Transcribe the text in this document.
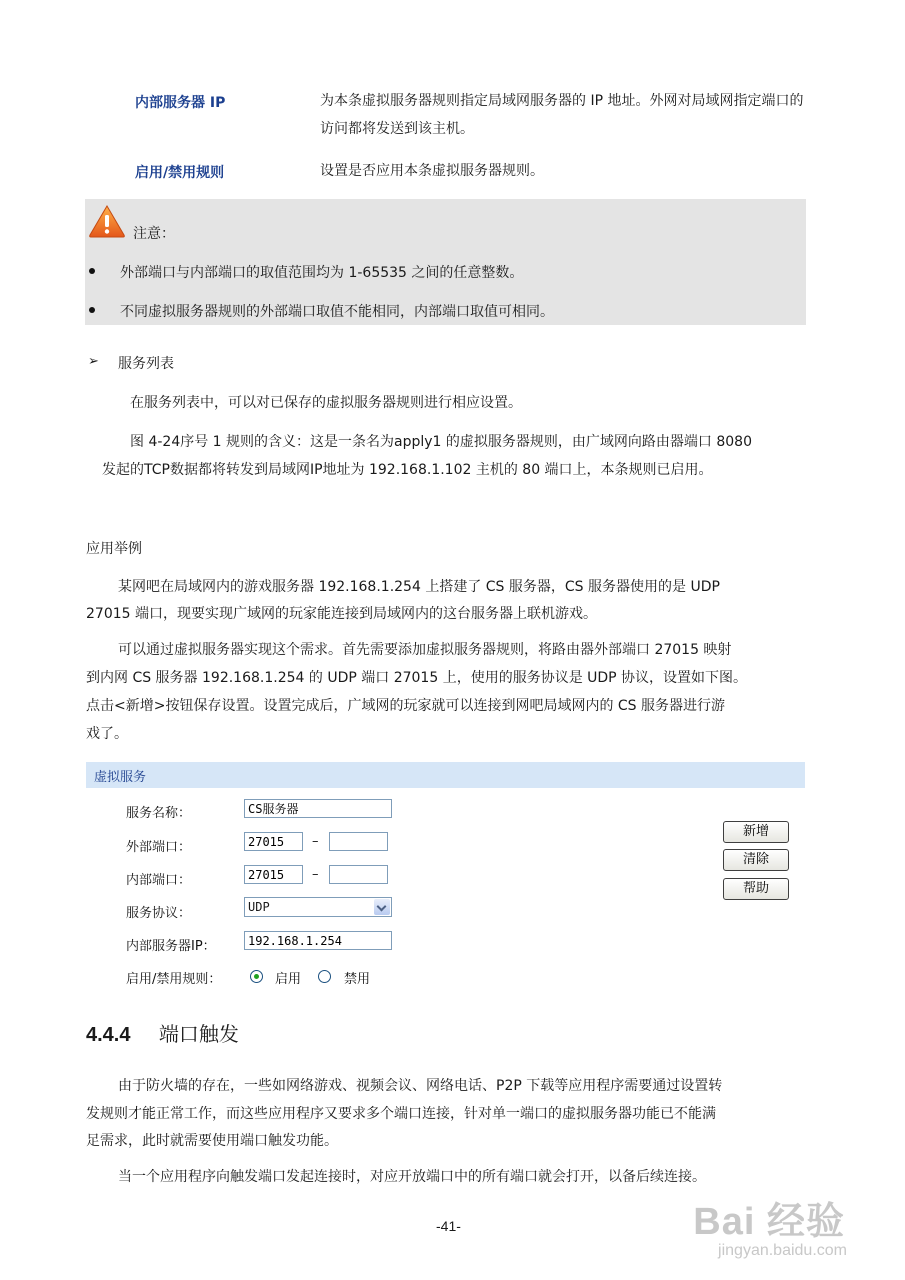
内部服务器 IP	为本条虚拟服务器规则指定局域网服务器的 IP 地址。外网对局域网指定端口的访问都将发送到该主机。
启用/禁用规则	设置是否应用本条虚拟服务器规则。
注意：
外部端口与内部端口的取值范围均为 1-65535 之间的任意整数。
不同虚拟服务器规则的外部端口取值不能相同，内部端口取值可相同。
➢ 服务列表
在服务列表中，可以对已保存的虚拟服务器规则进行相应设置。
图 4-24序号 1 规则的含义：这是一条名为apply1 的虚拟服务器规则，由广域网向路由器端口 8080
发起的TCP数据都将转发到局域网IP地址为 192.168.1.102 主机的 80 端口上，本条规则已启用。
应用举例
某网吧在局域网内的游戏服务器 192.168.1.254 上搭建了 CS 服务器，CS 服务器使用的是 UDP
27015 端口，现要实现广域网的玩家能连接到局域网内的这台服务器上联机游戏。
可以通过虚拟服务器实现这个需求。首先需要添加虚拟服务器规则，将路由器外部端口 27015 映射
到内网 CS 服务器 192.168.1.254 的 UDP 端口 27015 上，使用的服务协议是 UDP 协议，设置如下图。
点击<新增>按钮保存设置。设置完成后，广域网的玩家就可以连接到网吧局域网内的 CS 服务器进行游
戏了。
虚拟服务
服务名称：	CS服务器
外部端口：	27015	–
内部端口：	27015	–
服务协议：	UDP
内部服务器IP：	192.168.1.254
启用/禁用规则：	启用	禁用
新增
清除
帮助
4.4.4 端口触发
由于防火墙的存在，一些如网络游戏、视频会议、网络电话、P2P 下载等应用程序需要通过设置转
发规则才能正常工作，而这些应用程序又要求多个端口连接，针对单一端口的虚拟服务器功能已不能满
足需求，此时就需要使用端口触发功能。
当一个应用程序向触发端口发起连接时，对应开放端口中的所有端口就会打开，以备后续连接。
-41-	Bai 经验
jingyan.baidu.com
